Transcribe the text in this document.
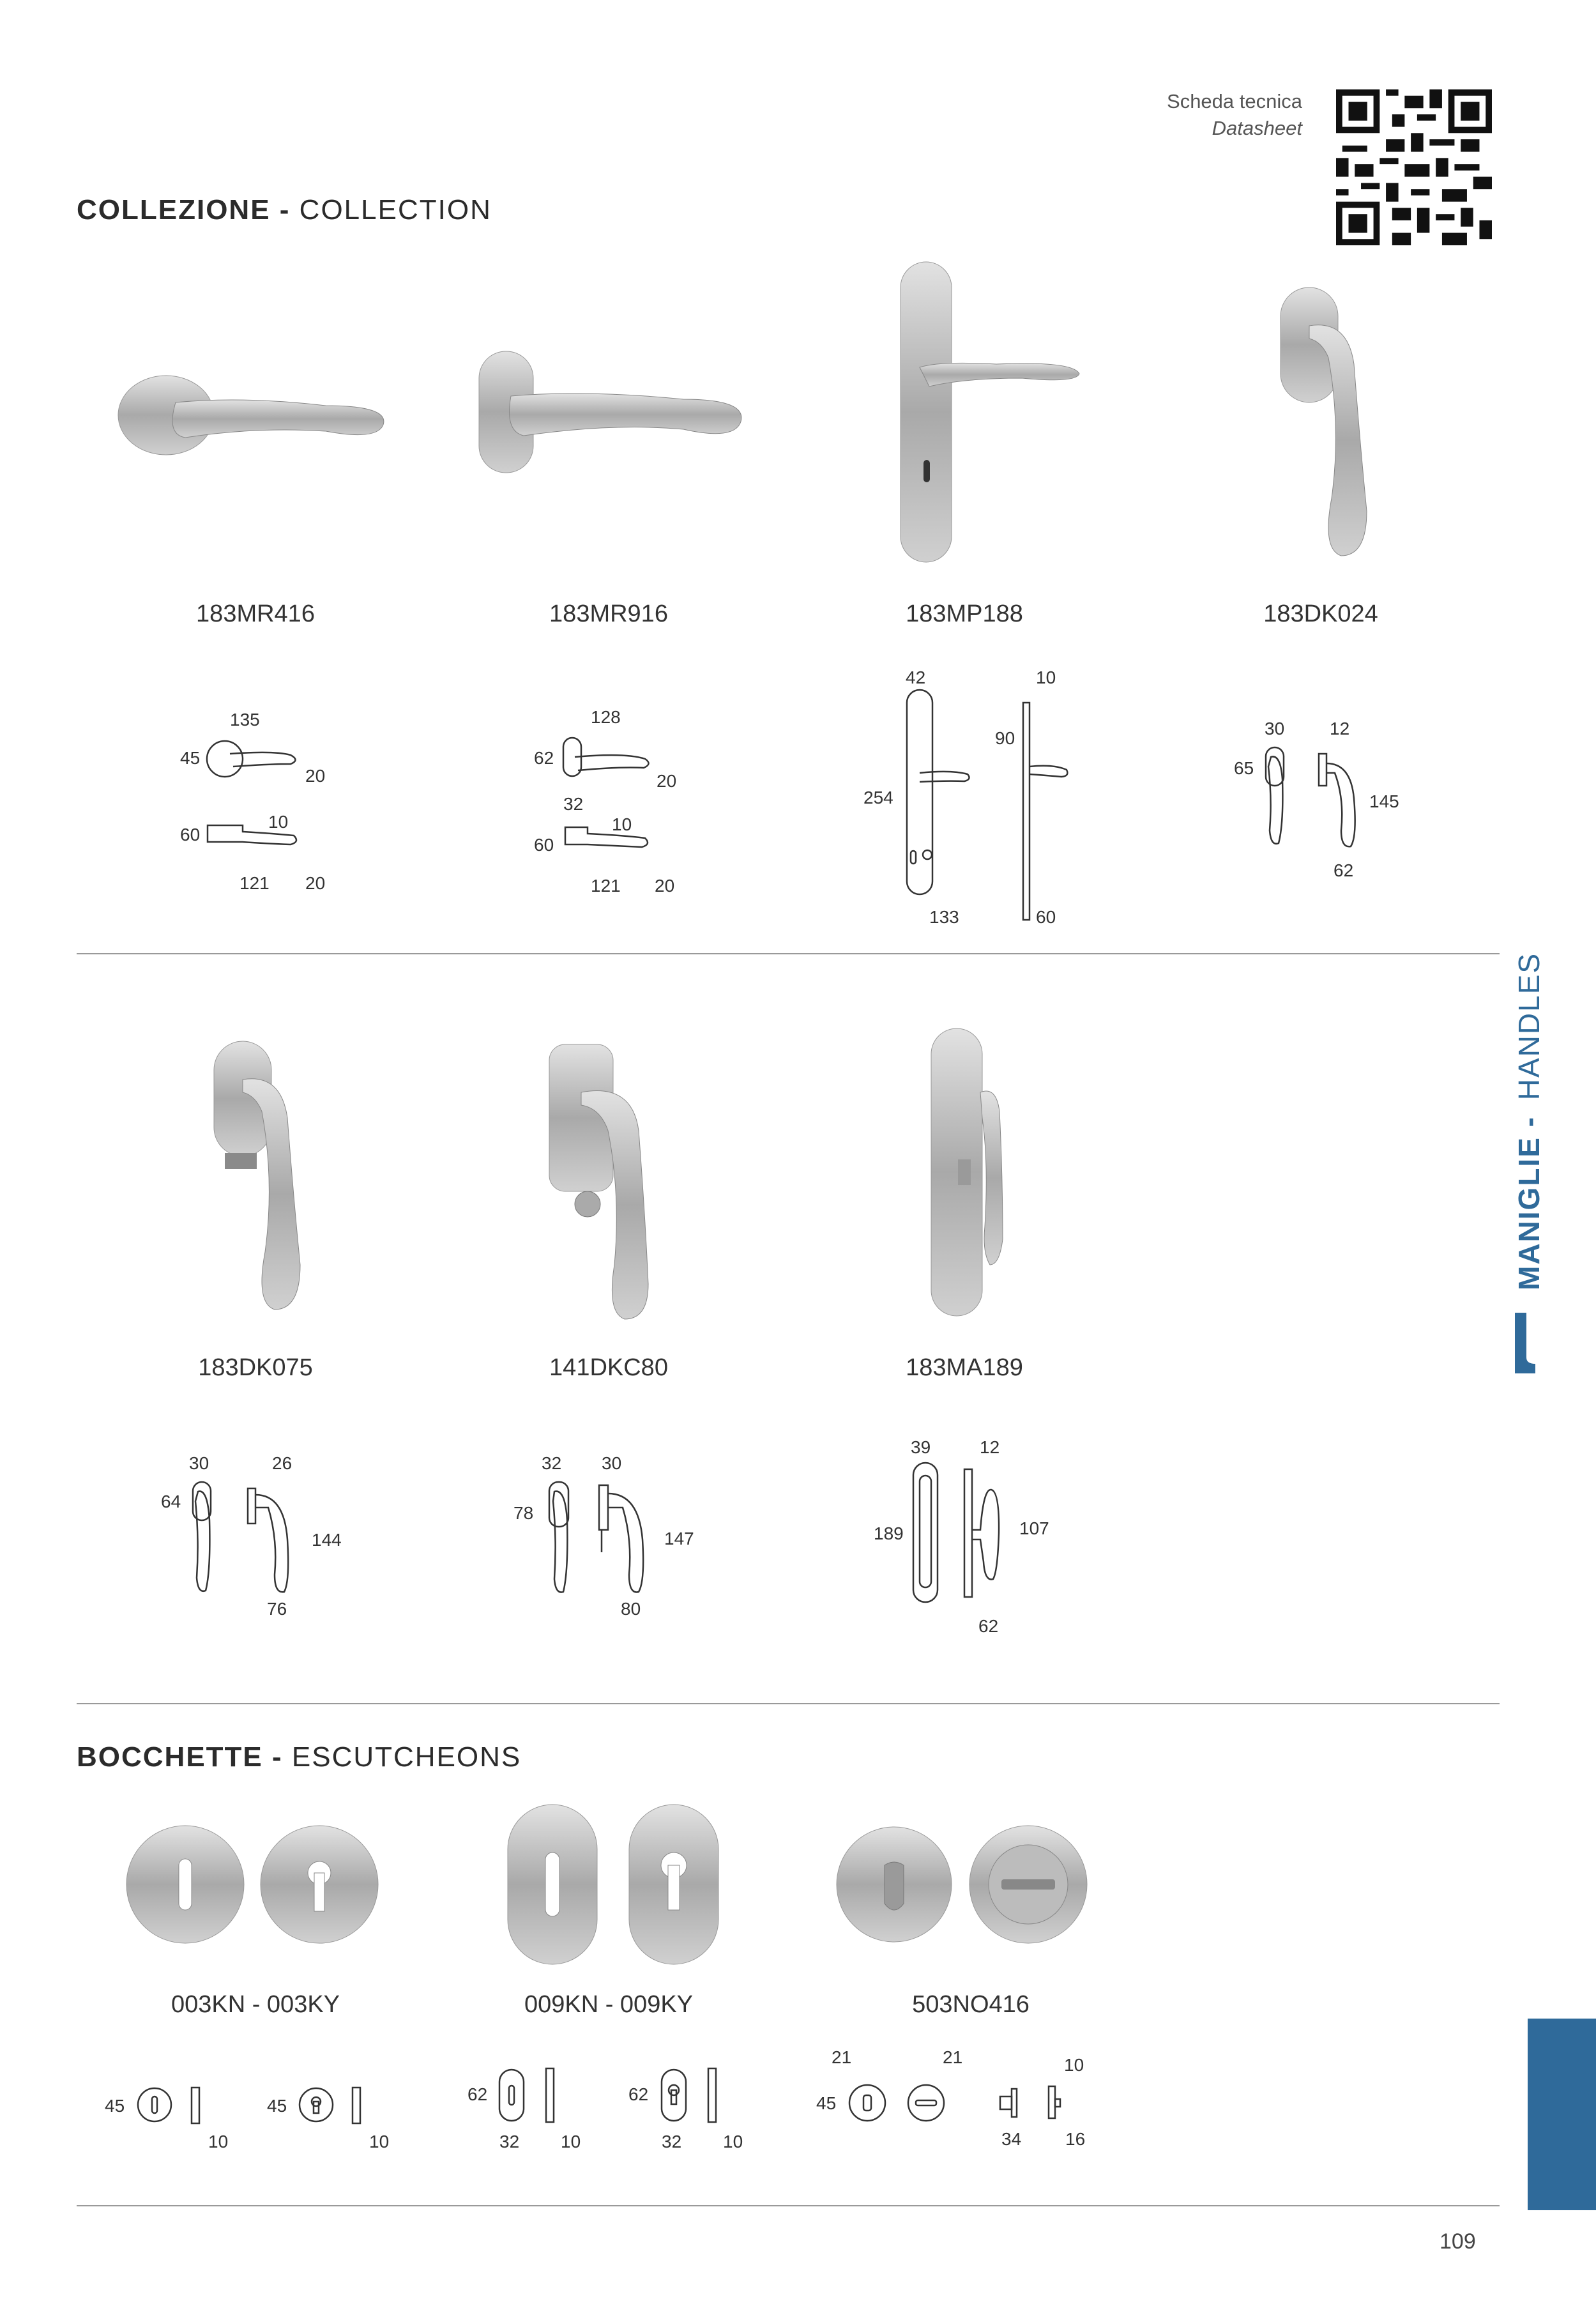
Scheda tecnica
Datasheet
COLLEZIONE - COLLECTION
183MR416	183MR916	183MP188	183DK024
135
45
20
10
60
121 20
128
62
20
32
10
60
121 20
42	10
90
254
133	60
30	12
65
145
62
183DK075	141DKC80	183MA189
30	26
64
144
76
32 30
78
147
80
39	12
189	107
62
BOCCHETTE - ESCUTCHEONS
003KN - 003KY	009KN - 009KY	503NO416
45
10
45
10
62
32 10
62
32 10
21	21
45
10
34 16
MANIGLIE - HANDLES
109
